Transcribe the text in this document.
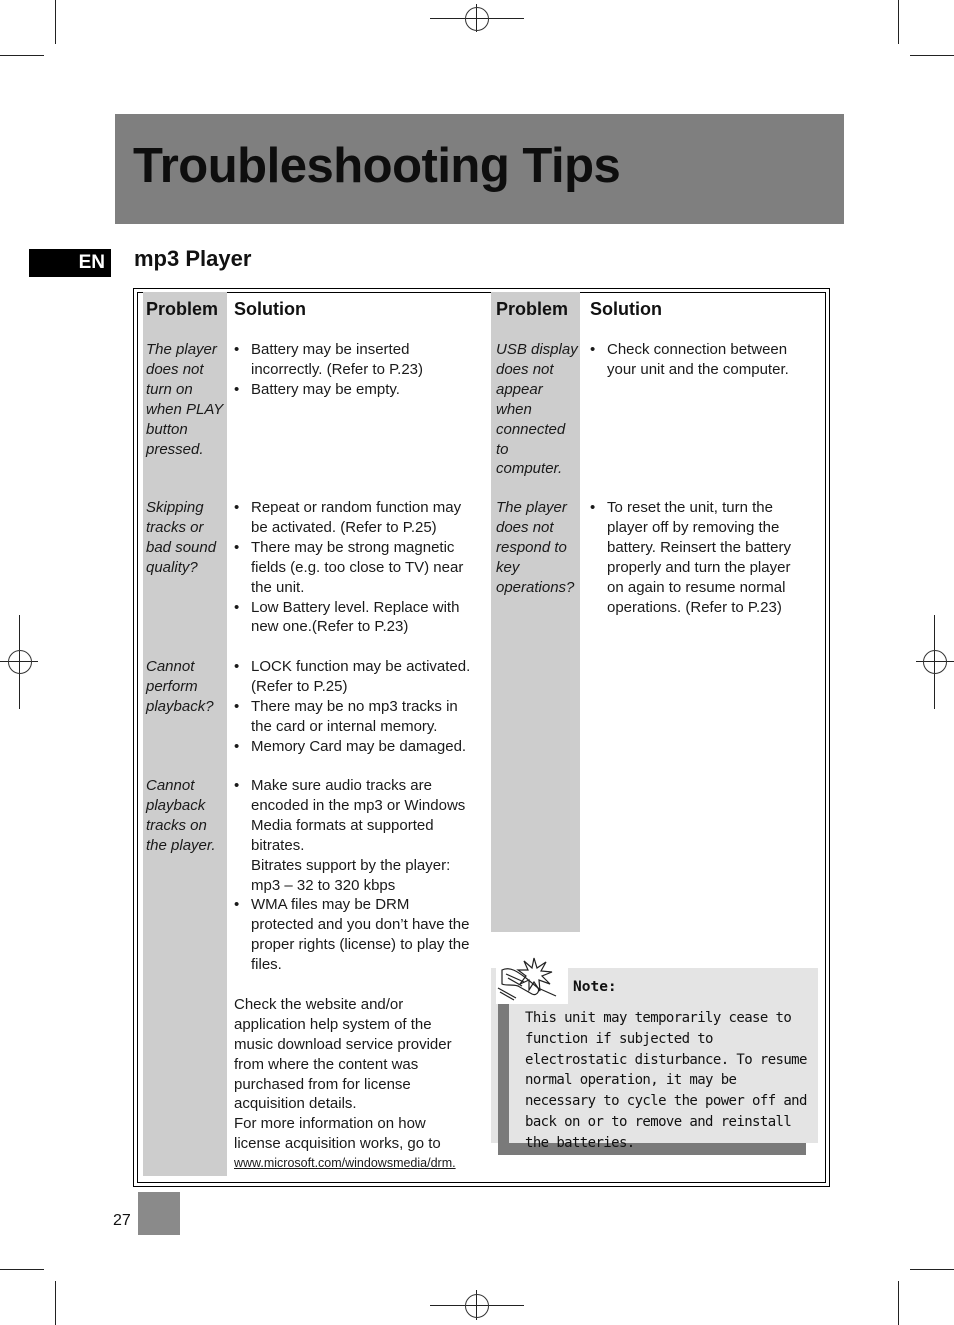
Troubleshooting Tips
EN mp3 Player
Problem Solution
The player does not turn on when PLAY button pressed.
• Battery may be inserted incorrectly. (Refer to P.23)
• Battery may be empty.
Skipping tracks or bad sound quality?
• Repeat or random function may be activated. (Refer to P.25)
• There may be strong magnetic fields (e.g. too close to TV) near the unit.
• Low Battery level. Replace with new one.(Refer to P.23)
Cannot perform playback?
• LOCK function may be activated.(Refer to P.25)
• There may be no mp3 tracks in the card or internal memory.
• Memory Card may be damaged.
Cannot playback tracks on the player.
• Make sure audio tracks are encoded in the mp3 or Windows Media formats at supported bitrates.
Bitrates support by the player: mp3 – 32 to 320 kbps
• WMA files may be DRM protected and you don’t have the proper rights (license) to play the files.
Check the website and/or application help system of the music download service provider from where the content was purchased from for license acquisition details.
For more information on how license acquisition works, go to
www.microsoft.com/windowsmedia/drm.
Problem Solution
USB display does not appear when connected to computer.
• Check connection between your unit and the computer.
The player does not respond to key operations?
• To reset the unit, turn the player off by removing the battery. Reinsert the battery properly and turn the player on again to resume normal operations. (Refer to P.23)
Note:
This unit may temporarily cease to function if subjected to electrostatic disturbance. To resume normal operation, it may be necessary to cycle the power off and back on or to remove and reinstall the batteries.
27
